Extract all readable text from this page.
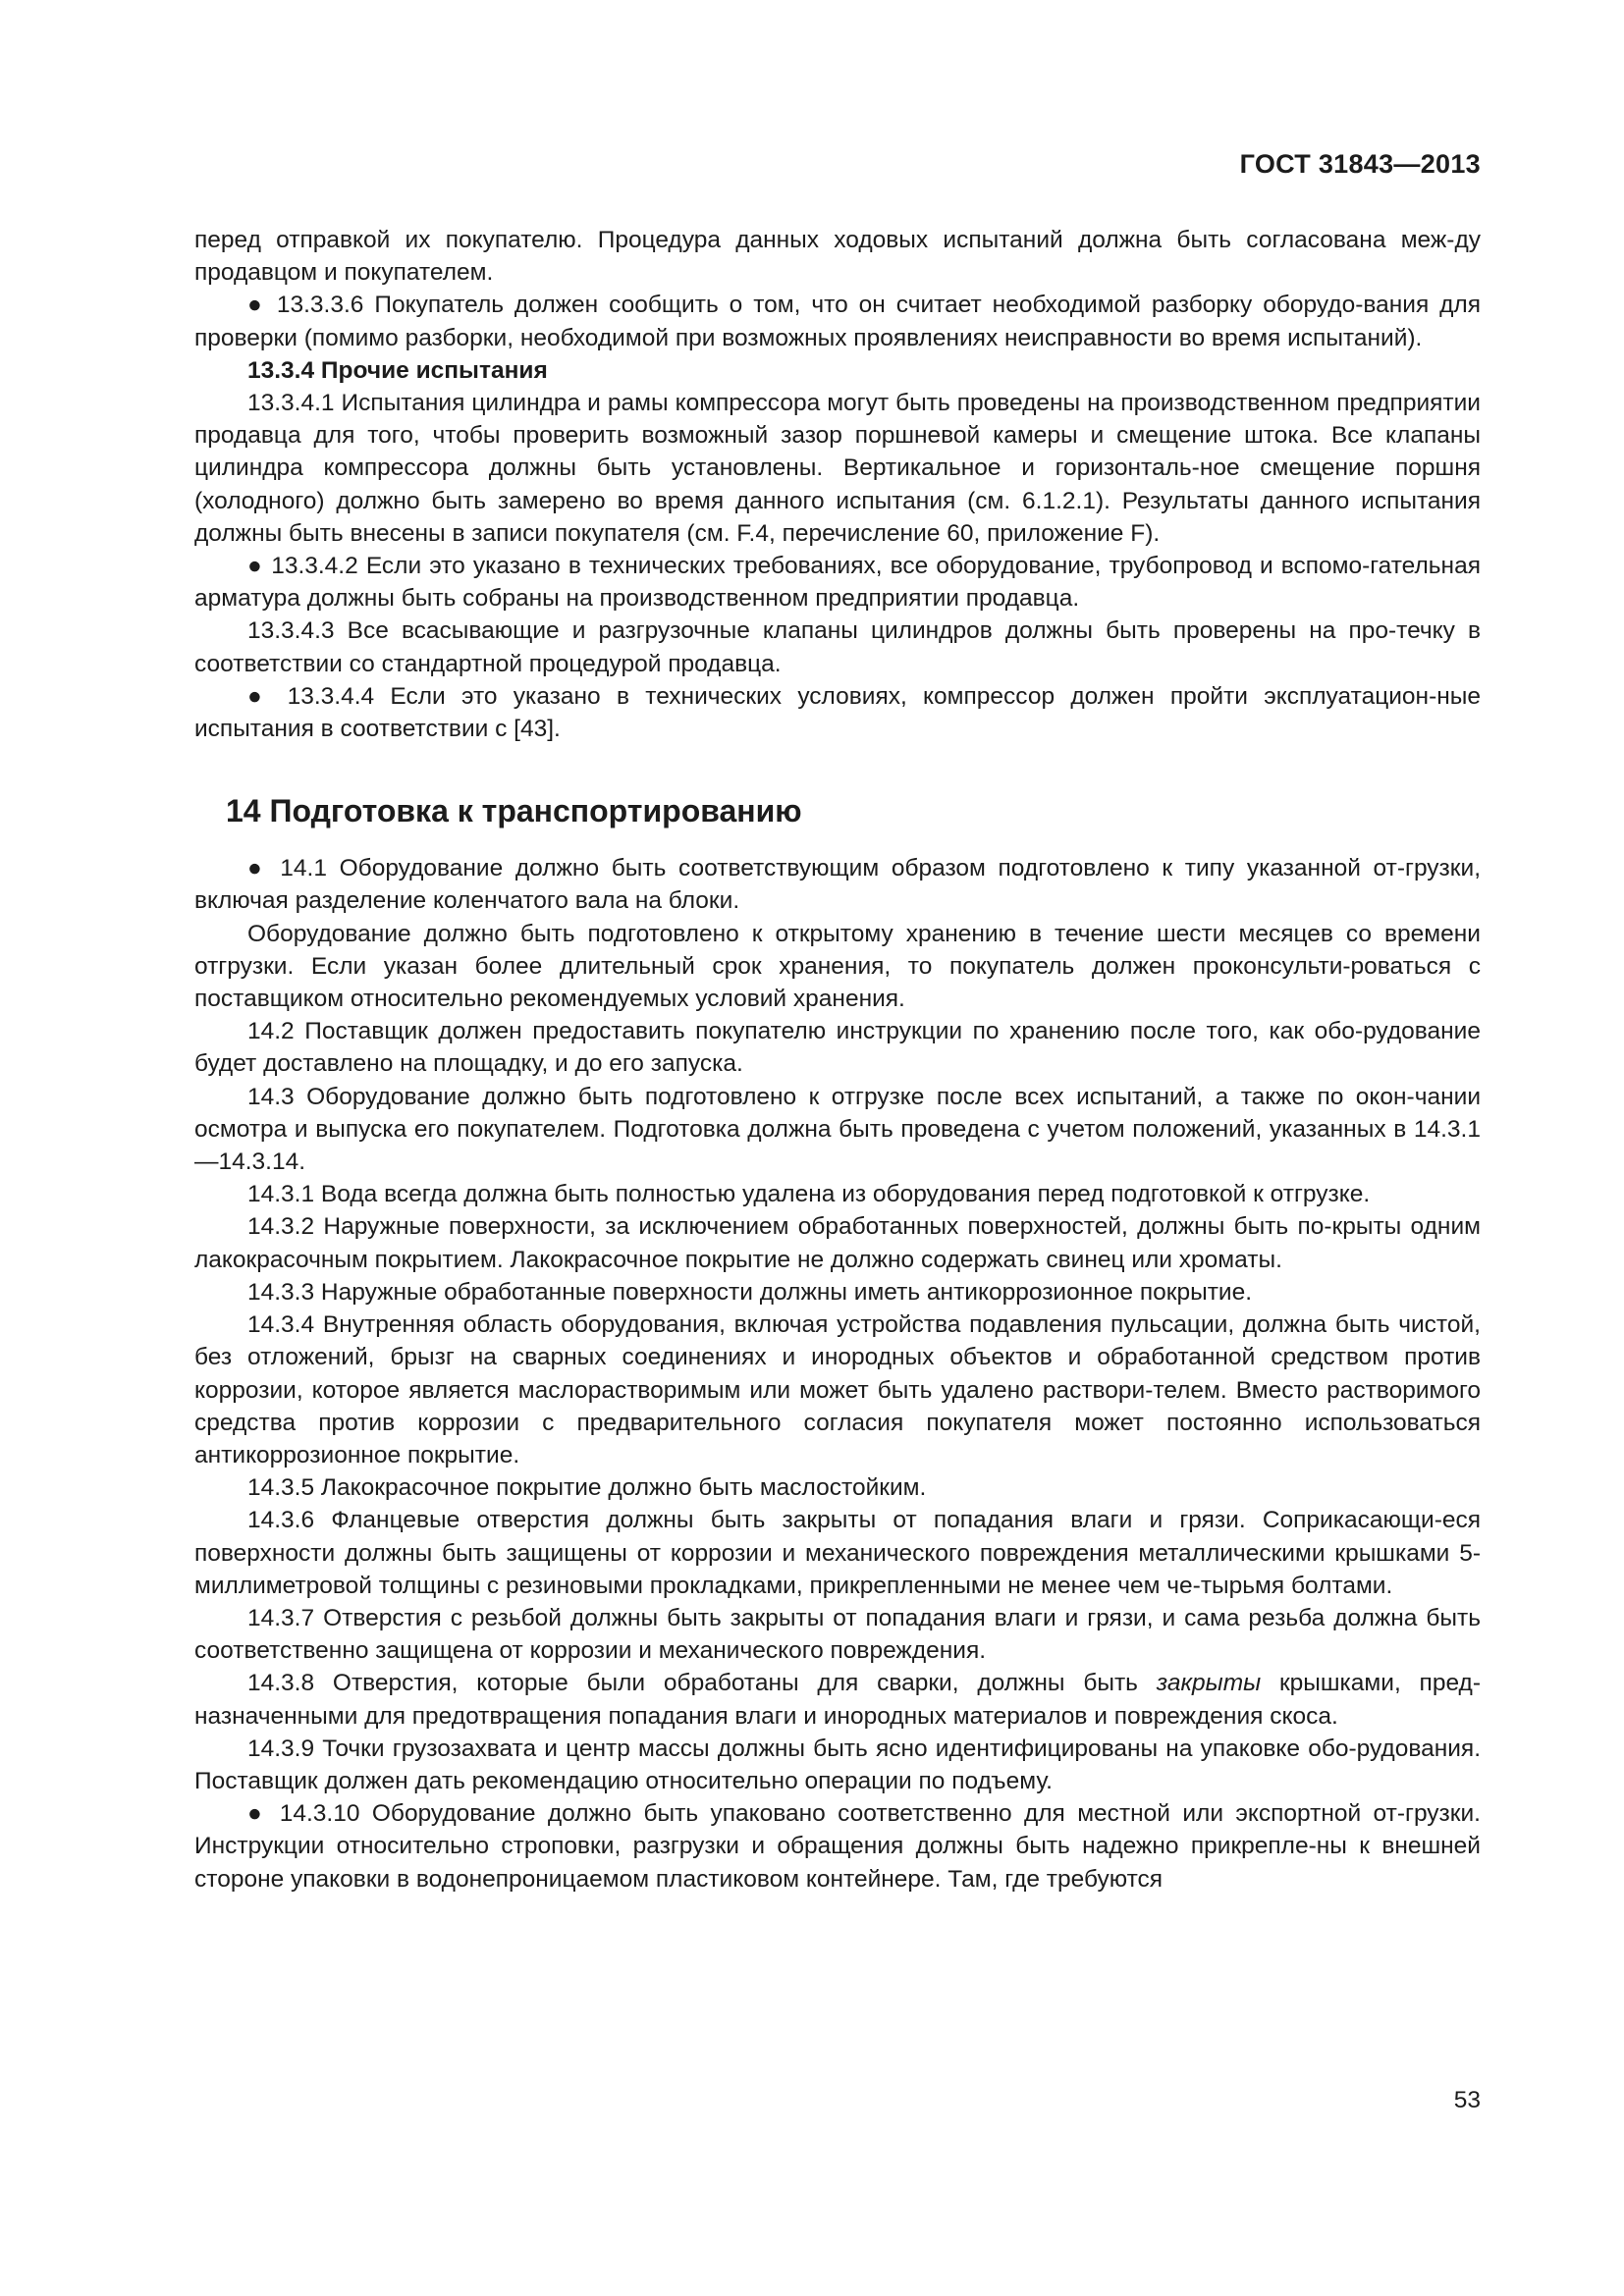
ГОСТ 31843—2013

перед отправкой их покупателю. Процедура данных ходовых испытаний должна быть согласована меж-ду продавцом и покупателем.

● 13.3.3.6 Покупатель должен сообщить о том, что он считает необходимой разборку оборудо-вания для проверки (помимо разборки, необходимой при возможных проявлениях неисправности во время испытаний).

13.3.4 Прочие испытания

13.3.4.1 Испытания цилиндра и рамы компрессора могут быть проведены на производственном предприятии продавца для того, чтобы проверить возможный зазор поршневой камеры и смещение штока. Все клапаны цилиндра компрессора должны быть установлены. Вертикальное и горизонталь-ное смещение поршня (холодного) должно быть замерено во время данного испытания (см. 6.1.2.1). Результаты данного испытания должны быть внесены в записи покупателя (см. F.4, перечисление 60, приложение F).

● 13.3.4.2 Если это указано в технических требованиях, все оборудование, трубопровод и вспомо-гательная арматура должны быть собраны на производственном предприятии продавца.

13.3.4.3 Все всасывающие и разгрузочные клапаны цилиндров должны быть проверены на про-течку в соответствии со стандартной процедурой продавца.

● 13.3.4.4 Если это указано в технических условиях, компрессор должен пройти эксплуатацион-ные испытания в соответствии с [43].

14 Подготовка к транспортированию

● 14.1 Оборудование должно быть соответствующим образом подготовлено к типу указанной от-грузки, включая разделение коленчатого вала на блоки.

Оборудование должно быть подготовлено к открытому хранению в течение шести месяцев со времени отгрузки. Если указан более длительный срок хранения, то покупатель должен проконсульти-роваться с поставщиком относительно рекомендуемых условий хранения.

14.2 Поставщик должен предоставить покупателю инструкции по хранению после того, как обо-рудование будет доставлено на площадку, и до его запуска.

14.3 Оборудование должно быть подготовлено к отгрузке после всех испытаний, а также по окон-чании осмотра и выпуска его покупателем. Подготовка должна быть проведена с учетом положений, указанных в 14.3.1—14.3.14.

14.3.1 Вода всегда должна быть полностью удалена из оборудования перед подготовкой к отгрузке.

14.3.2 Наружные поверхности, за исключением обработанных поверхностей, должны быть по-крыты одним лакокрасочным покрытием. Лакокрасочное покрытие не должно содержать свинец или хроматы.

14.3.3 Наружные обработанные поверхности должны иметь антикоррозионное покрытие.

14.3.4 Внутренняя область оборудования, включая устройства подавления пульсации, должна быть чистой, без отложений, брызг на сварных соединениях и инородных объектов и обработанной средством против коррозии, которое является маслорастворимым или может быть удалено раствори-телем. Вместо растворимого средства против коррозии с предварительного согласия покупателя может постоянно использоваться антикоррозионное покрытие.

14.3.5 Лакокрасочное покрытие должно быть маслостойким.

14.3.6 Фланцевые отверстия должны быть закрыты от попадания влаги и грязи. Соприкасающи-еся поверхности должны быть защищены от коррозии и механического повреждения металлическими крышками 5-миллиметровой толщины с резиновыми прокладками, прикрепленными не менее чем че-тырьмя болтами.

14.3.7 Отверстия с резьбой должны быть закрыты от попадания влаги и грязи, и сама резьба должна быть соответственно защищена от коррозии и механического повреждения.

14.3.8 Отверстия, которые были обработаны для сварки, должны быть закрыты крышками, пред-назначенными для предотвращения попадания влаги и инородных материалов и повреждения скоса.

14.3.9 Точки грузозахвата и центр массы должны быть ясно идентифицированы на упаковке обо-рудования. Поставщик должен дать рекомендацию относительно операции по подъему.

● 14.3.10 Оборудование должно быть упаковано соответственно для местной или экспортной от-грузки. Инструкции относительно строповки, разгрузки и обращения должны быть надежно прикрепле-ны к внешней стороне упаковки в водонепроницаемом пластиковом контейнере. Там, где требуются

53
